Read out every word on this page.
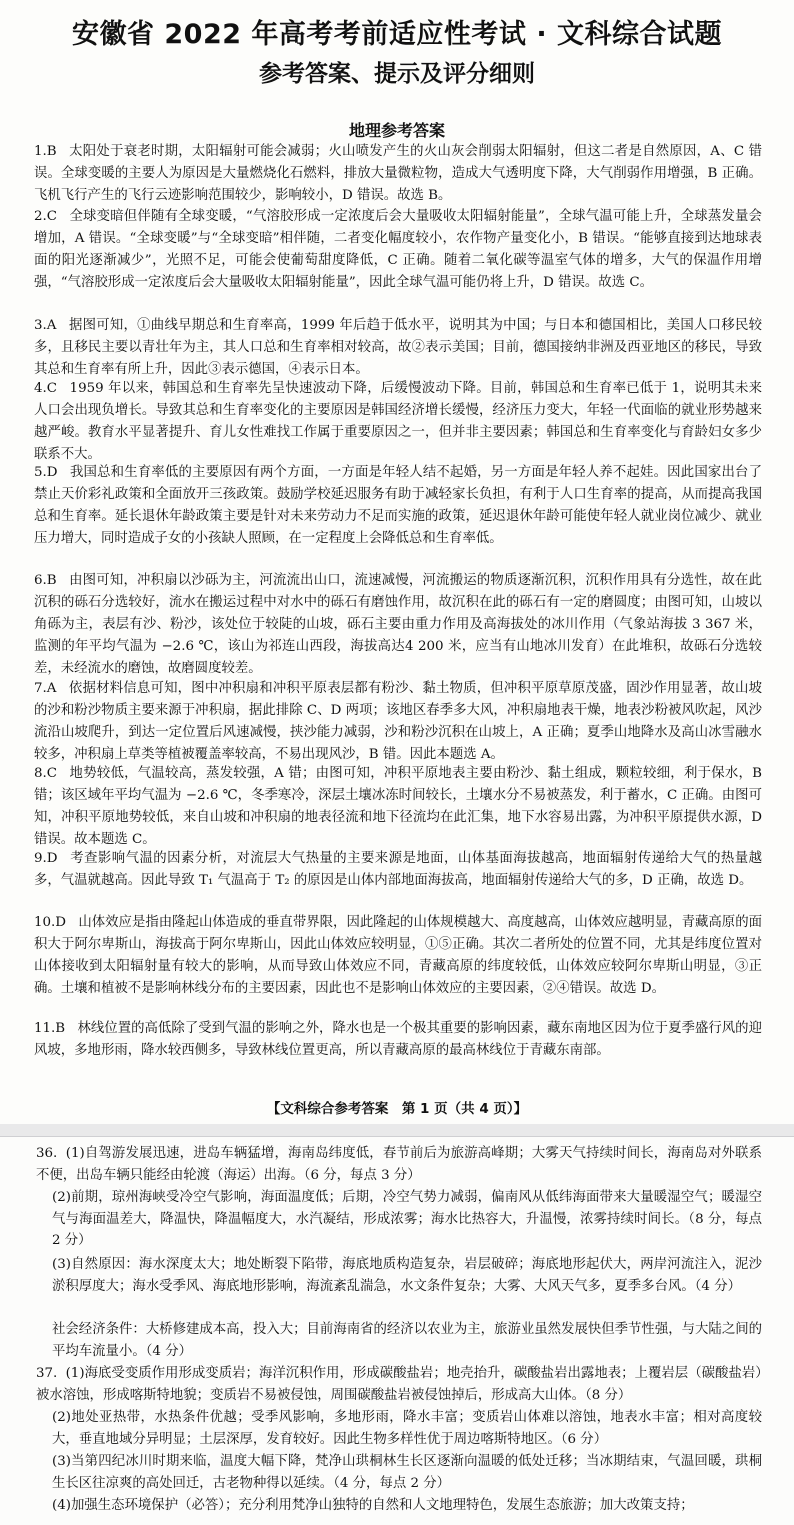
安徽省 2022 年高考考前适应性考试 · 文科综合试题
参考答案、提示及评分细则
地理参考答案
1.B 太阳处于衰老时期，太阳辐射可能会减弱；火山喷发产生的火山灰会削弱太阳辐射，但这二者是自然原因，A、C 错误。全球变暖的主要人为原因是大量燃烧化石燃料，排放大量微粒物，造成大气透明度下降，大气削弱作用增强，B 正确。飞机飞行产生的飞行云迹影响范围较少，影响较小，D 错误。故选 B。
2.C 全球变暗但伴随有全球变暖，“气溶胶形成一定浓度后会大量吸收太阳辐射能量”，全球气温可能上升，全球蒸发量会增加，A 错误。“全球变暖”与“全球变暗”相伴随，二者变化幅度较小，农作物产量变化小，B 错误。“能够直接到达地球表面的阳光逐渐减少”，光照不足，可能会使葡萄甜度降低，C 正确。随着二氧化碳等温室气体的增多，大气的保温作用增强，“气溶胶形成一定浓度后会大量吸收太阳辐射能量”，因此全球气温可能仍将上升，D 错误。故选 C。
3.A 据图可知，①曲线早期总和生育率高，1999 年后趋于低水平，说明其为中国；与日本和德国相比，美国人口移民较多，且移民主要以青壮年为主，其人口总和生育率相对较高，故②表示美国；目前，德国接纳非洲及西亚地区的移民，导致其总和生育率有所上升，因此③表示德国，④表示日本。
4.C 1959 年以来，韩国总和生育率先呈快速波动下降，后缓慢波动下降。目前，韩国总和生育率已低于 1，说明其未来人口会出现负增长。导致其总和生育率变化的主要原因是韩国经济增长缓慢，经济压力变大，年轻一代面临的就业形势越来越严峻。教育水平显著提升、育儿女性难找工作属于重要原因之一，但并非主要因素；韩国总和生育率变化与育龄妇女多少联系不大。
5.D 我国总和生育率低的主要原因有两个方面，一方面是年轻人结不起婚，另一方面是年轻人养不起娃。因此国家出台了禁止天价彩礼政策和全面放开三孩政策。鼓励学校延迟服务有助于减轻家长负担，有利于人口生育率的提高，从而提高我国总和生育率。延长退休年龄政策主要是针对未来劳动力不足而实施的政策，延迟退休年龄可能使年轻人就业岗位减少、就业压力增大，同时造成子女的小孩缺人照顾，在一定程度上会降低总和生育率低。
6.B 由图可知，冲积扇以沙砾为主，河流流出山口，流速减慢，河流搬运的物质逐渐沉积，沉积作用具有分选性，故在此沉积的砾石分选较好，流水在搬运过程中对水中的砾石有磨蚀作用，故沉积在此的砾石有一定的磨圆度；由图可知，山坡以角砾为主，表层有沙、粉沙，该处位于较陡的山坡，砾石主要由重力作用及高海拔处的冰川作用（气象站海拔 3 367 米，监测的年平均气温为 −2.6 ℃，该山为祁连山西段，海拔高达4 200 米，应当有山地冰川发育）在此堆积，故砾石分选较差，未经流水的磨蚀，故磨圆度较差。
7.A 依据材料信息可知，图中冲积扇和冲积平原表层都有粉沙、黏土物质，但冲积平原草原茂盛，固沙作用显著，故山坡的沙和粉沙物质主要来源于冲积扇，据此排除 C、D 两项；该地区春季多大风，冲积扇地表干燥，地表沙粉被风吹起，风沙流沿山坡爬升，到达一定位置后风速减慢，挟沙能力减弱，沙和粉沙沉积在山坡上，A 正确；夏季山地降水及高山冰雪融水较多，冲积扇上草类等植被覆盖率较高，不易出现风沙，B 错。因此本题选 A。
8.C 地势较低，气温较高，蒸发较强，A 错；由图可知，冲积平原地表主要由粉沙、黏土组成，颗粒较细，利于保水，B 错；该区域年平均气温为 −2.6 ℃，冬季寒冷，深层土壤冰冻时间较长，土壤水分不易被蒸发，利于蓄水，C 正确。由图可知，冲积平原地势较低，来自山坡和冲积扇的地表径流和地下径流均在此汇集，地下水容易出露，为冲积平原提供水源，D 错误。故本题选 C。
9.D 考查影响气温的因素分析，对流层大气热量的主要来源是地面，山体基面海拔越高，地面辐射传递给大气的热量越多，气温就越高。因此导致 T₁ 气温高于 T₂ 的原因是山体内部地面海拔高，地面辐射传递给大气的多，D 正确，故选 D。
10.D 山体效应是指由隆起山体造成的垂直带界限，因此隆起的山体规模越大、高度越高，山体效应越明显，青藏高原的面积大于阿尔卑斯山，海拔高于阿尔卑斯山，因此山体效应较明显，①⑤正确。其次二者所处的位置不同，尤其是纬度位置对山体接收到太阳辐射量有较大的影响，从而导致山体效应不同，青藏高原的纬度较低，山体效应较阿尔卑斯山明显，③正确。土壤和植被不是影响林线分布的主要因素，因此也不是影响山体效应的主要因素，②④错误。故选 D。
11.B 林线位置的高低除了受到气温的影响之外，降水也是一个极其重要的影响因素，藏东南地区因为位于夏季盛行风的迎风坡，多地形雨，降水较西侧多，导致林线位置更高，所以青藏高原的最高林线位于青藏东南部。
【文科综合参考答案　第 1 页（共 4 页）】
36. (1)自驾游发展迅速，进岛车辆猛增，海南岛纬度低，春节前后为旅游高峰期；大雾天气持续时间长，海南岛对外联系不便，出岛车辆只能经由轮渡（海运）出海。（6 分，每点 3 分）
(2)前期，琼州海峡受冷空气影响，海面温度低；后期，冷空气势力减弱，偏南风从低纬海面带来大量暖湿空气；暖湿空气与海面温差大，降温快，降温幅度大，水汽凝结，形成浓雾；海水比热容大，升温慢，浓雾持续时间长。（8 分，每点 2 分）
(3)自然原因：海水深度太大；地处断裂下陷带，海底地质构造复杂，岩层破碎；海底地形起伏大，两岸河流注入，泥沙淤积厚度大；海水受季风、海底地形影响，海流紊乱湍急，水文条件复杂；大雾、大风天气多，夏季多台风。（4 分）
社会经济条件：大桥修建成本高，投入大；目前海南省的经济以农业为主，旅游业虽然发展快但季节性强，与大陆之间的平均车流量小。（4 分）
37. (1)海底受变质作用形成变质岩；海洋沉积作用，形成碳酸盐岩；地壳抬升，碳酸盐岩出露地表；上覆岩层（碳酸盐岩）被水溶蚀，形成喀斯特地貌；变质岩不易被侵蚀，周围碳酸盐岩被侵蚀掉后，形成高大山体。（8 分）
(2)地处亚热带，水热条件优越；受季风影响，多地形雨，降水丰富；变质岩山体难以溶蚀，地表水丰富；相对高度较大，垂直地域分异明显；土层深厚，发育较好。因此生物多样性优于周边喀斯特地区。（6 分）
(3)当第四纪冰川时期来临，温度大幅下降，梵净山珙桐林生长区逐渐向温暖的低处迁移；当冰期结束，气温回暖，珙桐生长区往凉爽的高处回迁，古老物种得以延续。（4 分，每点 2 分）
(4)加强生态环境保护（必答）；充分利用梵净山独特的自然和人文地理特色，发展生态旅游；加大改策支持；
